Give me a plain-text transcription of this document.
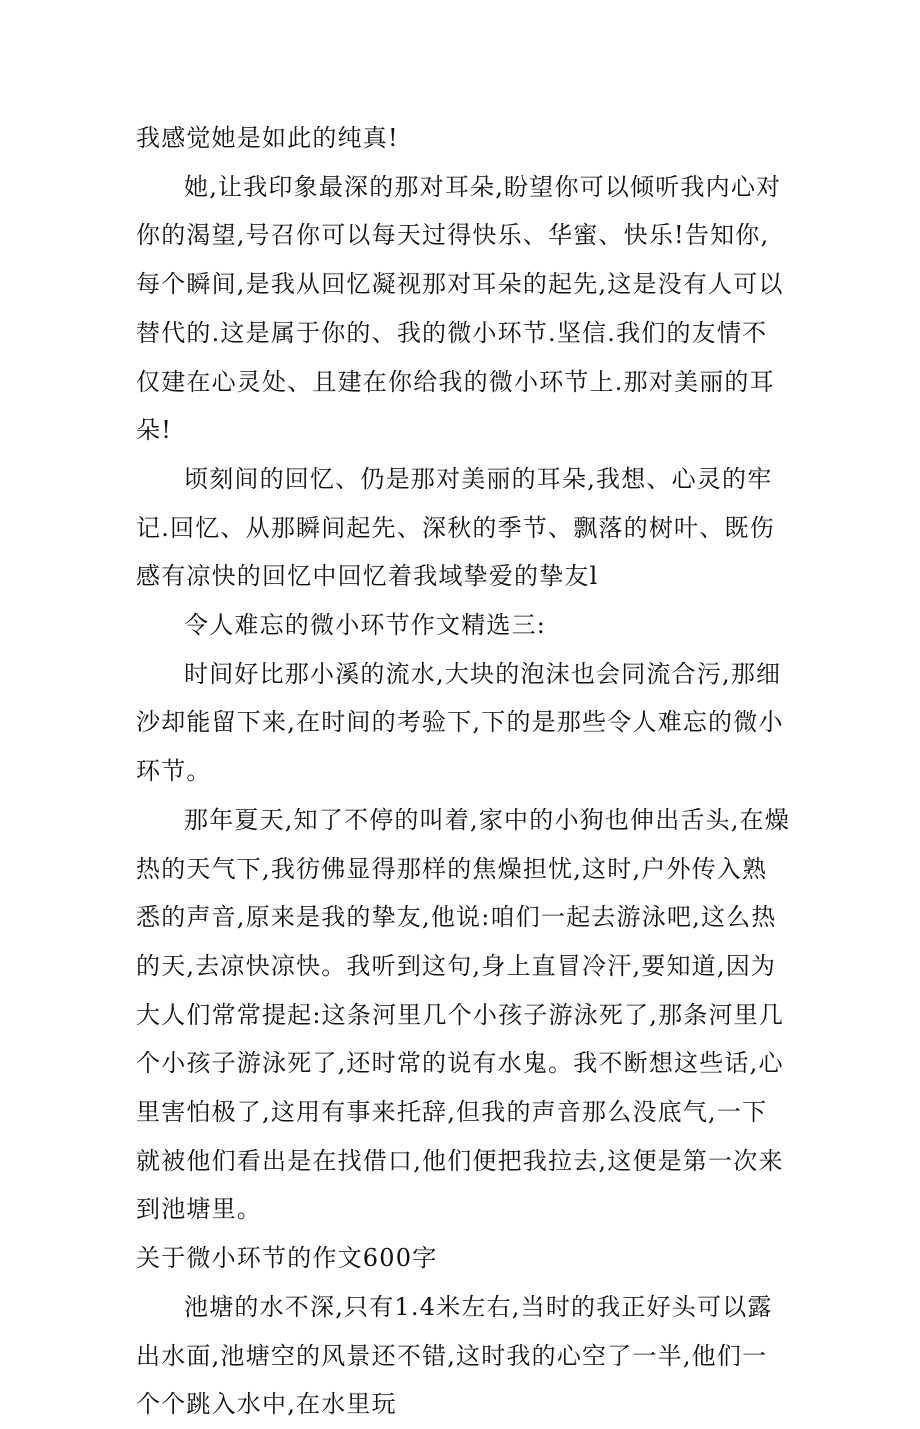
我感觉她是如此的纯真!

她,让我印象最深的那对耳朵,盼望你可以倾听我内心对你的渴望,号召你可以每天过得快乐、华蜜、快乐!告知你,每个瞬间,是我从回忆凝视那对耳朵的起先,这是没有人可以替代的.这是属于你的、我的微小环节.坚信.我们的友情不仅建在心灵处、且建在你给我的微小环节上.那对美丽的耳朵!

顷刻间的回忆、仍是那对美丽的耳朵,我想、心灵的牢记.回忆、从那瞬间起先、深秋的季节、飘落的树叶、既伤感有凉快的回忆中回忆着我域挚爱的挚友l

令人难忘的微小环节作文精选三:

时间好比那小溪的流水,大块的泡沫也会同流合污,那细沙却能留下来,在时间的考验下,下的是那些令人难忘的微小环节。

那年夏天,知了不停的叫着,家中的小狗也伸出舌头,在燥热的天气下,我彷佛显得那样的焦燥担忧,这时,户外传入熟悉的声音,原来是我的挚友,他说:咱们一起去游泳吧,这么热的天,去凉快凉快。我听到这句,身上直冒冷汗,要知道,因为大人们常常提起:这条河里几个小孩子游泳死了,那条河里几个小孩子游泳死了,还时常的说有水鬼。我不断想这些话,心里害怕极了,这用有事来托辞,但我的声音那么没底气,一下就被他们看出是在找借口,他们便把我拉去,这便是第一次来到池塘里。

关于微小环节的作文600字

池塘的水不深,只有1.4米左右,当时的我正好头可以露出水面,池塘空的风景还不错,这时我的心空了一半,他们一个个跳入水中,在水里玩
